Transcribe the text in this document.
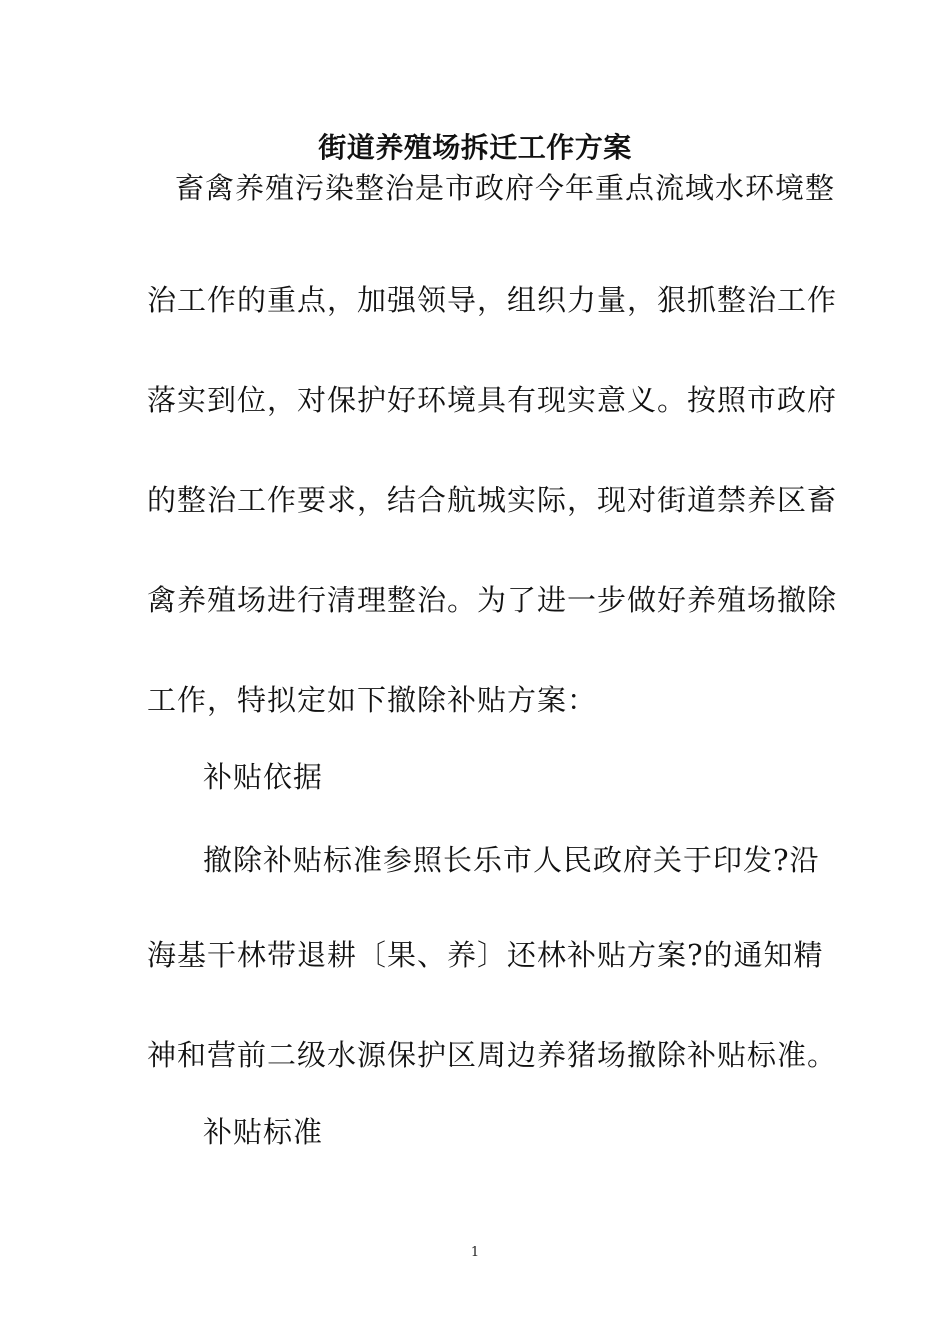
街道养殖场拆迁工作方案
畜禽养殖污染整治是市政府今年重点流域水环境整
治工作的重点，加强领导，组织力量，狠抓整治工作
落实到位，对保护好环境具有现实意义。按照市政府
的整治工作要求，结合航城实际，现对街道禁养区畜
禽养殖场进行清理整治。为了进一步做好养殖场撤除
工作，特拟定如下撤除补贴方案：
补贴依据
撤除补贴标准参照长乐市人民政府关于印发?沿
海基干林带退耕〔果、养〕还林补贴方案?的通知精
神和营前二级水源保护区周边养猪场撤除补贴标准。
补贴标准
1
